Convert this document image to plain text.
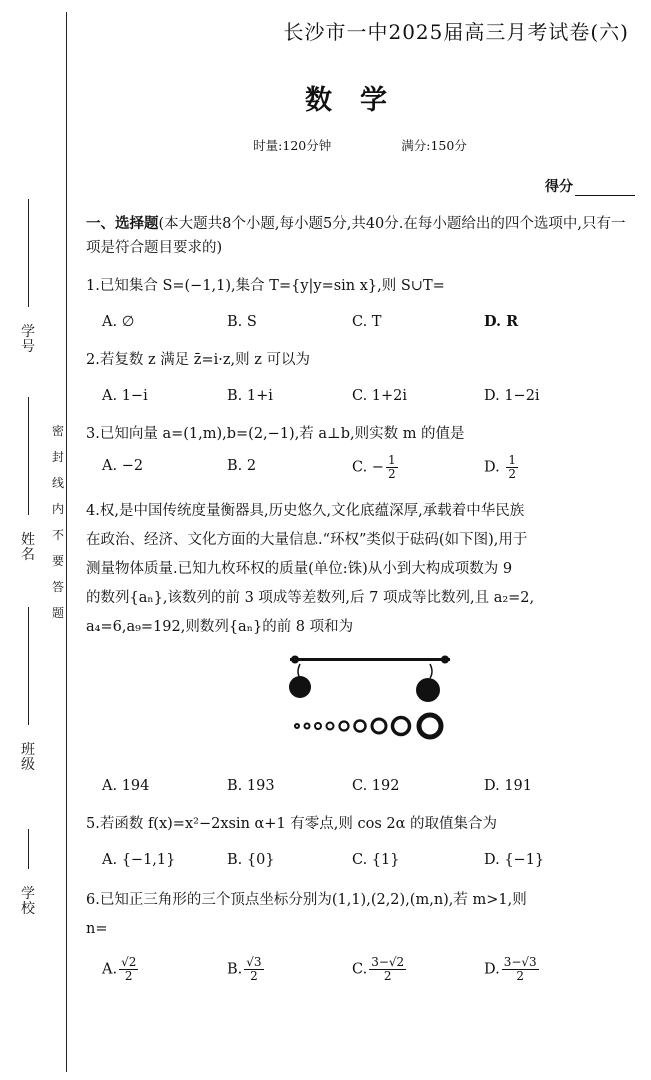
学号

姓名

班级

学校

密封线内不要答题
长沙市一中2025届高三月考试卷(六)
数学
时量:120分钟	满分:150分
得分

一、选择题(本大题共8个小题,每小题5分,共40分.在每小题给出的四个选项中,只有一项是符合题目要求的)

1.已知集合 S=(−1,1),集合 T={y|y=sin x},则 S∪T=

A. ∅	B. S	C. T	D. R

2.若复数 z 满足 z̄=i·z,则 z 可以为

A. 1−i	B. 1+i	C. 1+2i	D. 1−2i

3.已知向量 a=(1,m),b=(2,−1),若 a⊥b,则实数 m 的值是

A. −2	B. 2	C. − $\frac{1}{2}$	D. $\frac{1}{2}$

4.权,是中国传统度量衡器具,历史悠久,文化底蕴深厚,承载着中华民族

在政治、经济、文化方面的大量信息.“环权”类似于砝码(如下图),用于

测量物体质量.已知九枚环权的质量(单位:铢)从小到大构成项数为 9

的数列{aₙ},该数列的前 3 项成等差数列,后 7 项成等比数列,且 a₂=2,

a₄=6,a₉=192,则数列{aₙ}的前 8 项和为

A. 194	B. 193	C. 192	D. 191

5.若函数 f(x)=x²−2xsin α+1 有零点,则 cos 2α 的取值集合为

A. {−1,1}	B. {0}	C. {1}	D. {−1}

6.已知正三角形的三个顶点坐标分别为(1,1),(2,2),(m,n),若 m>1,则

n=

A. $\frac{√2}{2}$	B. $\frac{√3}{2}$	C. $\frac{3-√2}{2}$	D. $\frac{3-√3}{2}$
